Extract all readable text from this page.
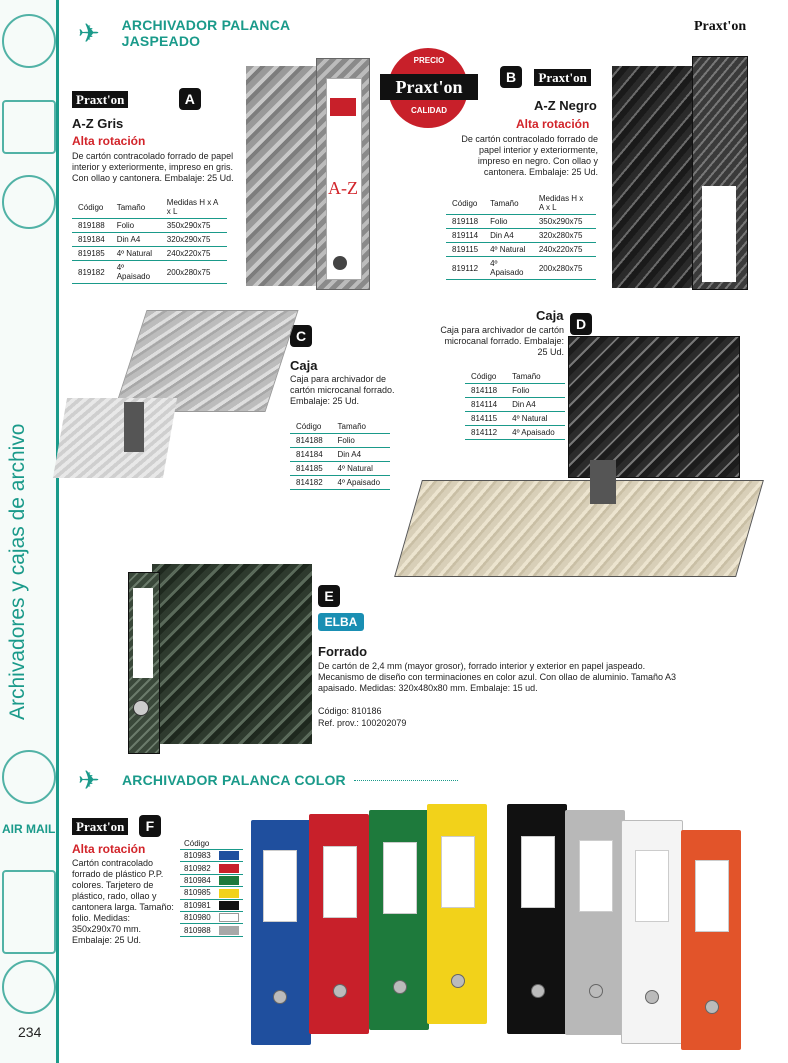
AIR MAIL
Archivadores y cajas de archivo
234
✈	ARCHIVADOR PALANCA JASPEADO
Praxt'on
Praxt'on
PRECIO
CALIDAD
Praxt'on	A
A-Z Gris
Alta rotación
De cartón contracolado forrado de papel interior y exteriormente, impreso en gris. Con ollao y cantonera. Embalaje: 25 Ud.
Código	Tamaño	Medidas H x A x L
819188	Folio	350x290x75
819184	Din A4	320x290x75
819185	4º Natural	240x220x75
819182	4º Apaisado	200x280x75
A-Z
B Praxt'on
A-Z Negro
Alta rotación
De cartón contracolado forrado de papel interior y exteriormente, impreso en negro. Con ollao y cantonera. Embalaje: 25 Ud.
Código	Tamaño	Medidas H x A x L
819118	Folio	350x290x75
819114	Din A4	320x280x75
819115	4º Natural	240x220x75
819112	4º Apaisado	200x280x75
C
Caja
Caja para archivador de cartón microcanal forrado. Embalaje: 25 Ud.
Código	Tamaño
814188	Folio
814184	Din A4
814185	4º Natural
814182	4º Apaisado
D
Caja
Caja para archivador de cartón microcanal forrado. Embalaje: 25 Ud.
Código	Tamaño
814118	Folio
814114	Din A4
814115	4º Natural
814112	4º Apaisado
E
ELBA
Forrado
De cartón de 2,4 mm (mayor grosor), forrado interior y exterior en papel jaspeado. Mecanismo de diseño con terminaciones en color azul. Con ollao de aluminio. Tamaño A3 apaisado. Medidas: 320x480x80 mm. Embalaje: 15 ud.
Código: 810186
Ref. prov.: 100202079
✈	ARCHIVADOR PALANCA COLOR
Praxt'on F
Alta rotación
Cartón contracolado forrado de plástico P.P. colores. Tarjetero de plástico, rado, ollao y cantonera larga. Tamaño: folio. Medidas: 350x290x70 mm. Embalaje: 25 Ud.
Código	
810983	
810982	
810984	
810985	
810981	
810980	
810988	
